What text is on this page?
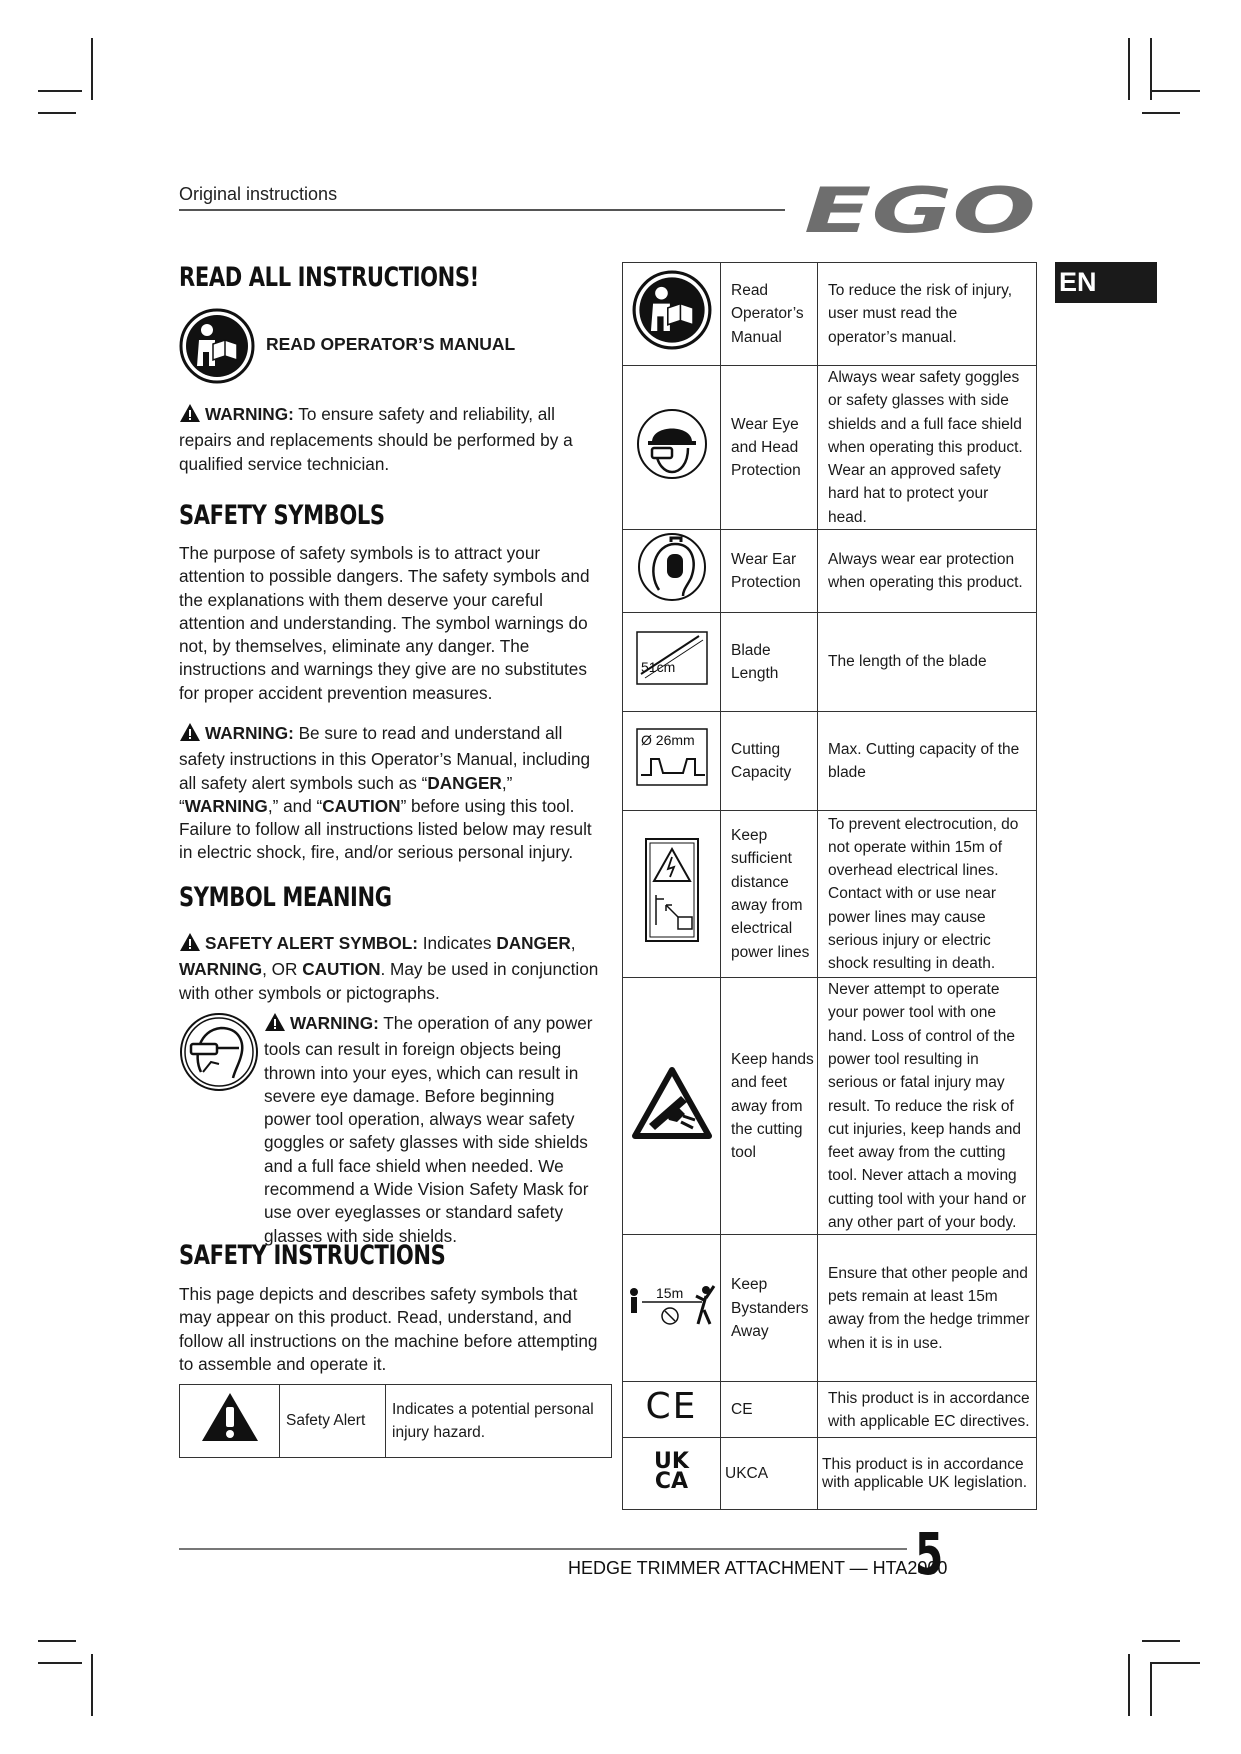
Original instructions	EGO
EN
READ ALL INSTRUCTIONS!
READ OPERATOR’S MANUAL
WARNING: To ensure safety and reliability, all repairs and replacements should be performed by a qualified service technician.
SAFETY SYMBOLS
The purpose of safety symbols is to attract your attention to possible dangers. The safety symbols and the explanations with them deserve your careful attention and understanding. The symbol warnings do not, by themselves, eliminate any danger. The instructions and warnings they give are no substitutes for proper accident prevention measures.
WARNING: Be sure to read and understand all safety instructions in this Operator’s Manual, including all safety alert symbols such as “DANGER,” “WARNING,” and “CAUTION” before using this tool. Failure to follow all instructions listed below may result in electric shock, fire, and/or serious personal injury.
SYMBOL MEANING
SAFETY ALERT SYMBOL: Indicates DANGER, WARNING, OR CAUTION. May be used in conjunction with other symbols or pictographs.
WARNING: The operation of any power tools can result in foreign objects being thrown into your eyes, which can result in severe eye damage. Before beginning power tool operation, always wear safety goggles or safety glasses with side shields and a full face shield when needed. We recommend a Wide Vision Safety Mask for use over eyeglasses or standard safety glasses with side shields.
SAFETY INSTRUCTIONS
This page depicts and describes safety symbols that may appear on this product. Read, understand, and follow all instructions on the machine before attempting to assemble and operate it.
	Safety Alert	Indicates a potential personal injury hazard.
	Read Operator’s Manual	To reduce the risk of injury, user must read the operator’s manual.
	Wear Eye and Head Protection	Always wear safety goggles or safety glasses with side shields and a full face shield when operating this product. Wear an approved safety hard hat to protect your head.
	Wear Ear Protection	Always wear ear protection when operating this product.

51cm	Blade Length	The length of the blade

Ø 26mm	Cutting Capacity	Max. Cutting capacity of the blade
	Keep sufficient distance away from electrical power lines	To prevent electrocution, do not operate within 15m of overhead electrical lines. Contact with or use near power lines may cause serious injury or electric shock resulting in death.
	Keep hands and feet away from the cutting tool	Never attempt to operate your power tool with one hand. Loss of control of the power tool resulting in serious or fatal injury may result. To reduce the risk of cut injuries, keep hands and feet away from the cutting tool. Never attach a moving cutting tool with your hand or any other part of your body.

15m	Keep Bystanders Away	Ensure that other people and pets remain at least 15m away from the hedge trimmer when it is in use.
CE	CE	This product is in accordance with applicable EC directives.
UK CA	UKCA	This product is in accordance with applicable UK legislation.
HEDGE TRIMMER ATTACHMENT — HTA2000
5
